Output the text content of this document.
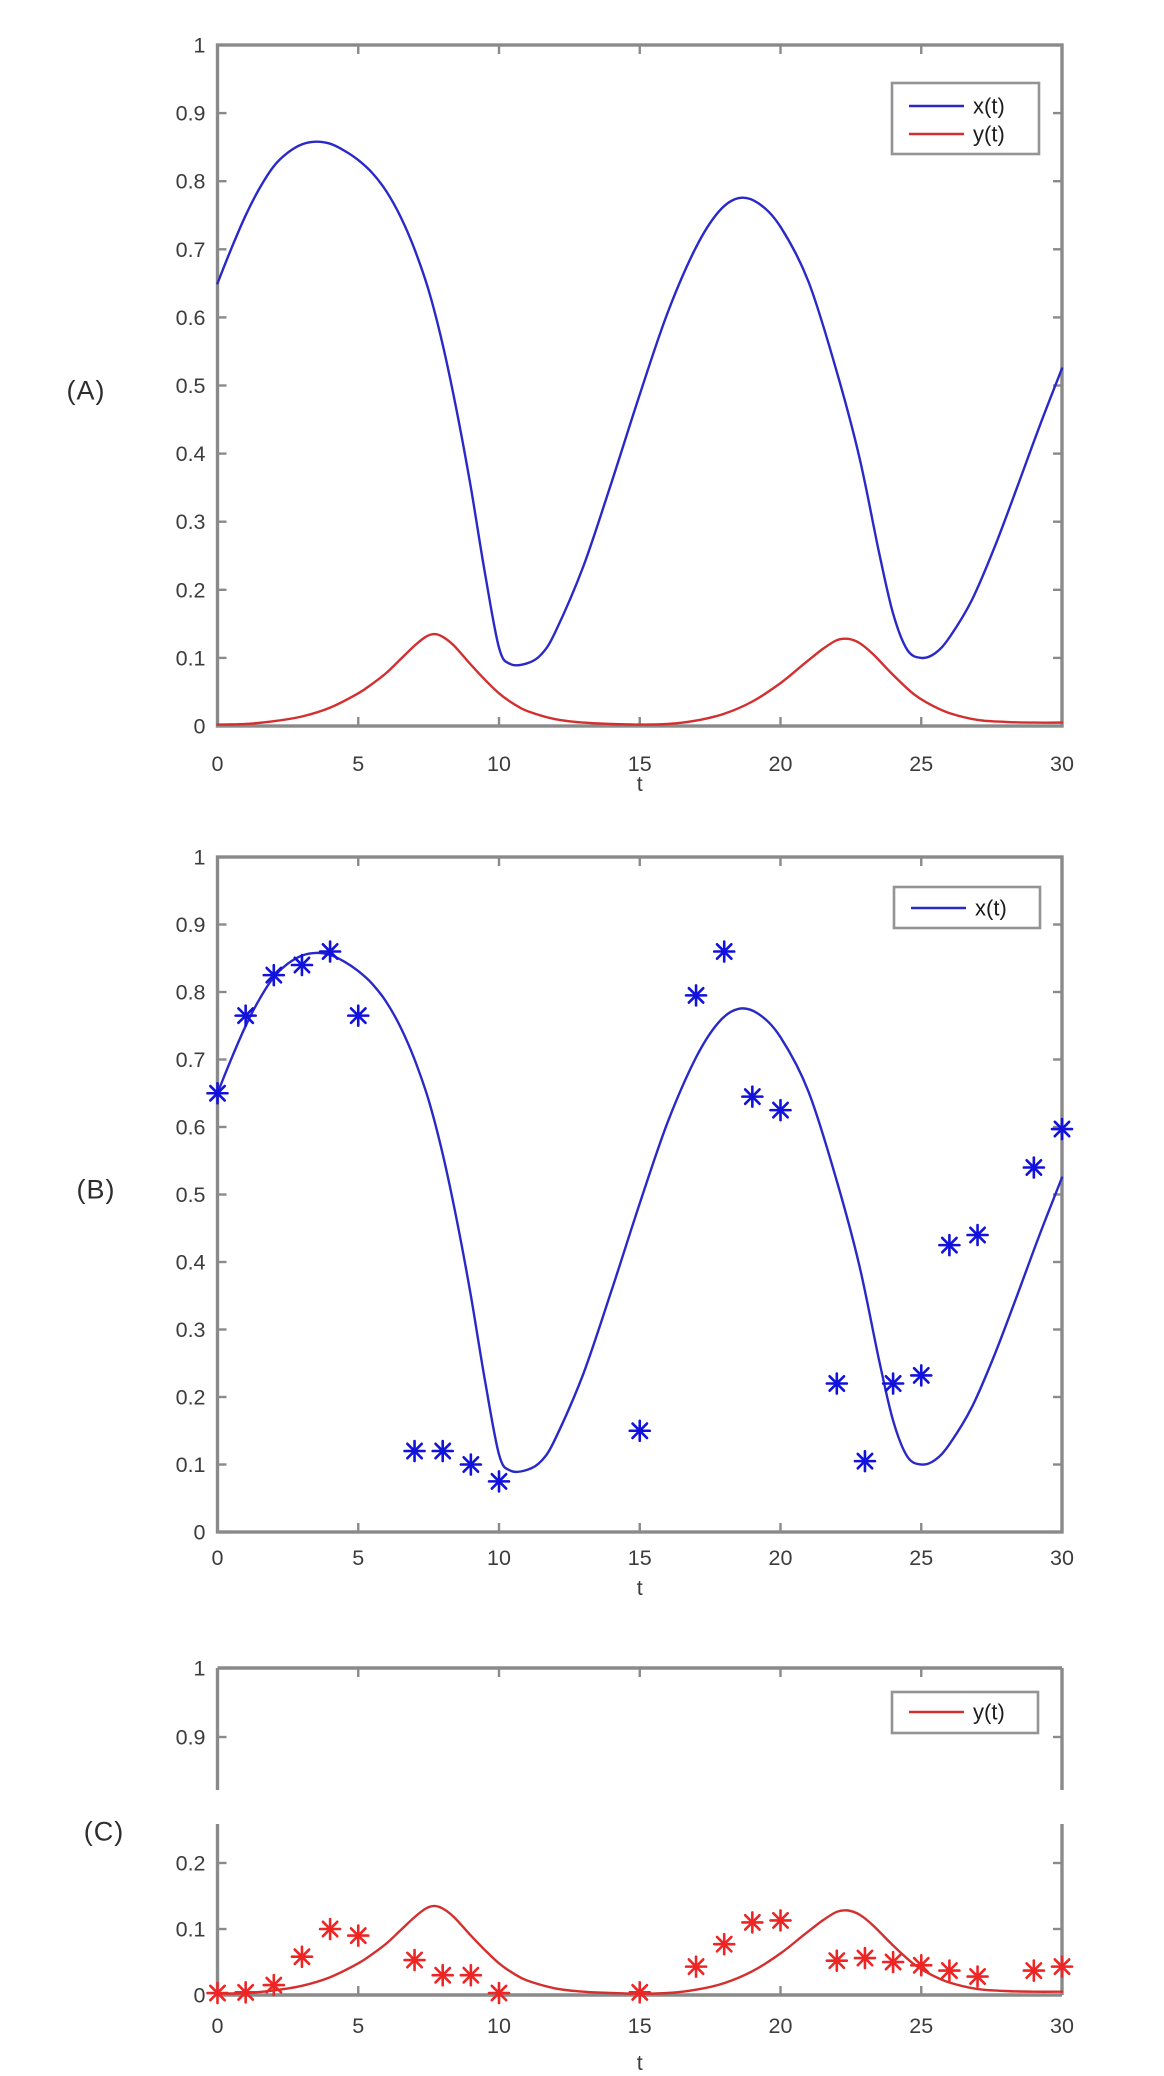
0	5	10	15	20	25	30
0
0.1
0.2
0.3
0.4
0.5
0.6
0.7
0.8
0.9
1
t
x(t)
y(t)
0	5	10	15	20	25	30
0
0.1
0.2
0.3
0.4
0.5
0.6
0.7
0.8
0.9
1
t
x(t)
0	5	10	15	20	25	30
0
0.1
0.2
0.9
1
t
y(t)
(A)
(B)
(C)
